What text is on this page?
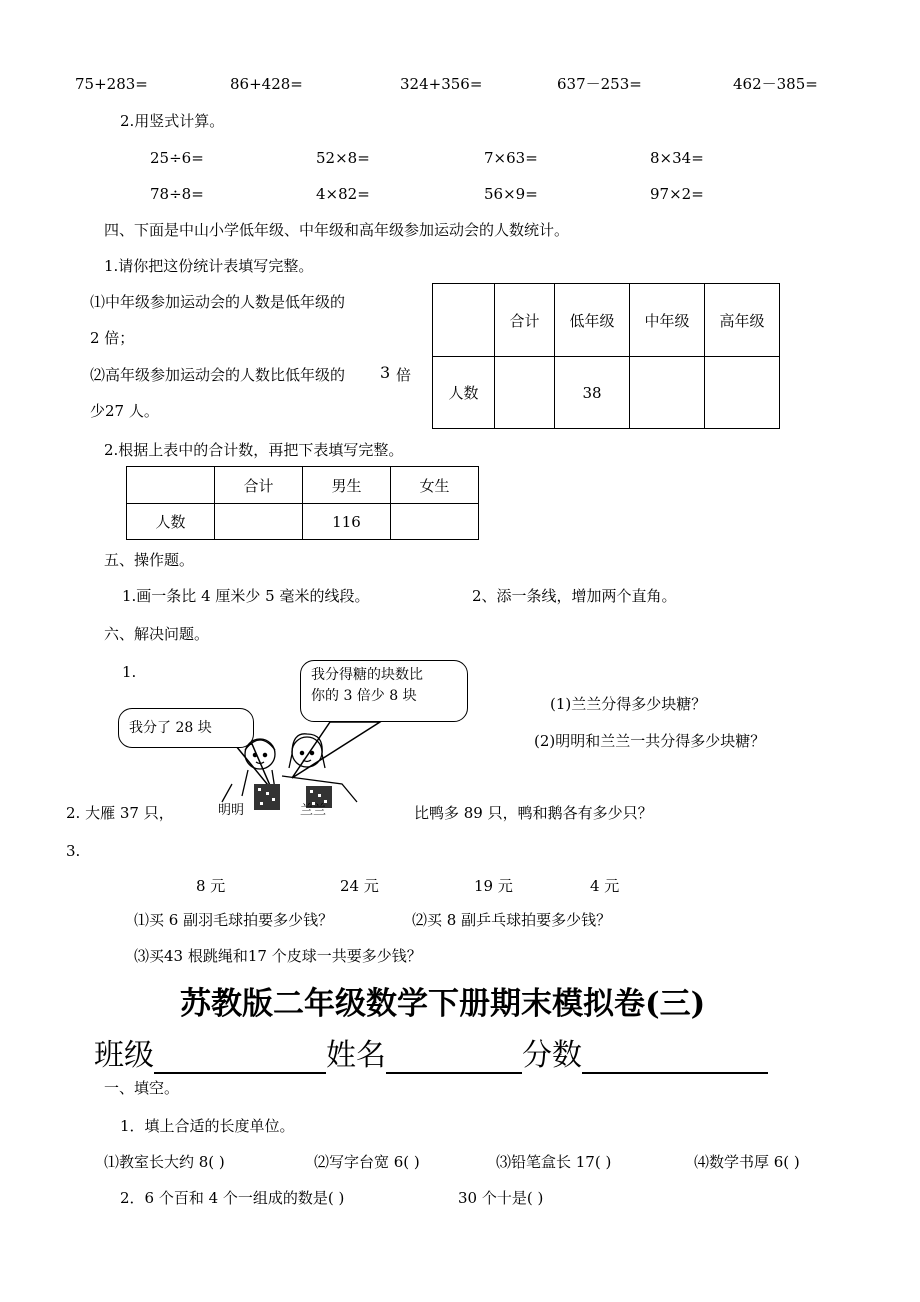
75+283=	86+428=	324+356=	637－253=	462－385=
2.用竖式计算。
25÷6=	52×8=	7×63=	8×34=
78÷8=	4×82=	56×9=	97×2=
四、下面是中山小学低年级、中年级和高年级参加运动会的人数统计。
1.请你把这份统计表填写完整。
⑴中年级参加运动会的人数是低年级的
2 倍；
⑵高年级参加运动会的人数比低年级的 3 倍
少27 人。
	合计	低年级	中年级	高年级
人数		38		
2.根据上表中的合计数，再把下表填写完整。
	合计	男生	女生
人数		116	
五、操作题。
1.画一条比 4 厘米少 5 毫米的线段。	2、添一条线，增加两个直角。
六、解决问题。
1.
我分了 28 块
我分得糖的块数比
你的 3 倍少 8 块
明明	兰兰
(1)兰兰分得多少块糖？
(2)明明和兰兰一共分得多少块糖？
2. 大雁 37 只，	比鸭多 89 只，鸭和鹅各有多少只？
3.
8 元	24 元	19 元	4 元
⑴买 6 副羽毛球拍要多少钱？	⑵买 8 副乒乓球拍要多少钱？
⑶买43 根跳绳和17 个皮球一共要多少钱？
苏教版二年级数学下册期末模拟卷(三)
班级	姓名	分数
一、填空。
1．填上合适的长度单位。
⑴教室长大约 8( )	⑵写字台宽 6( )	⑶铅笔盒长 17( )	⑷数学书厚 6( )
2．6 个百和 4 个一组成的数是( )	30 个十是( )
